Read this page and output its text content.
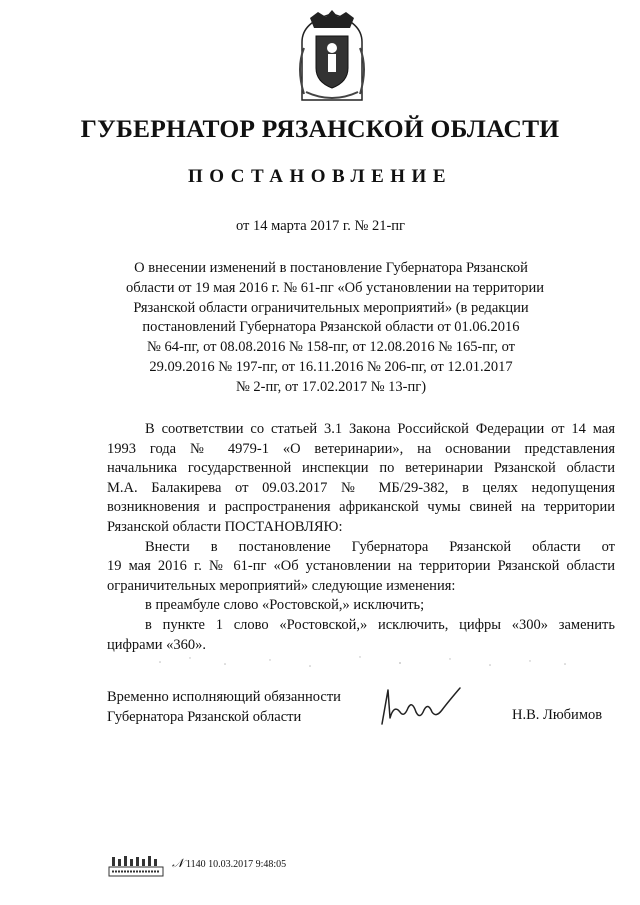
ГУБЕРНАТОР РЯЗАНСКОЙ ОБЛАСТИ
ПОСТАНОВЛЕНИЕ
от 14 марта 2017 г. № 21-пг
О внесении изменений в постановление Губернатора Рязанской
области от 19 мая 2016 г. № 61-пг «Об установлении на территории
Рязанской области ограничительных мероприятий» (в редакции
постановлений Губернатора Рязанской области от 01.06.2016
№ 64-пг, от 08.08.2016 № 158-пг, от 12.08.2016 № 165-пг, от
29.09.2016 № 197-пг, от 16.11.2016 № 206-пг, от 12.01.2017
№ 2-пг, от 17.02.2017 № 13-пг)
В соответствии со статьей 3.1 Закона Российской Федерации от 14 мая
1993 года № 4979-1 «О ветеринарии», на основании представления
начальника государственной инспекции по ветеринарии Рязанской области
М.А. Балакирева от 09.03.2017 № МБ/29-382, в целях недопущения
возникновения и распространения африканской чумы свиней на территории
Рязанской области ПОСТАНОВЛЯЮ:
Внести в постановление Губернатора Рязанской области от
19 мая 2016 г. № 61-пг «Об установлении на территории Рязанской области
ограничительных мероприятий» следующие изменения:
в преамбуле слово «Ростовской,» исключить;
в пункте 1 слово «Ростовской,» исключить, цифры «300» заменить
цифрами «360».
Временно исполняющий обязанности
Губернатора Рязанской области	Н.В. Любимов
𝒩 1140 10.03.2017 9:48:05
